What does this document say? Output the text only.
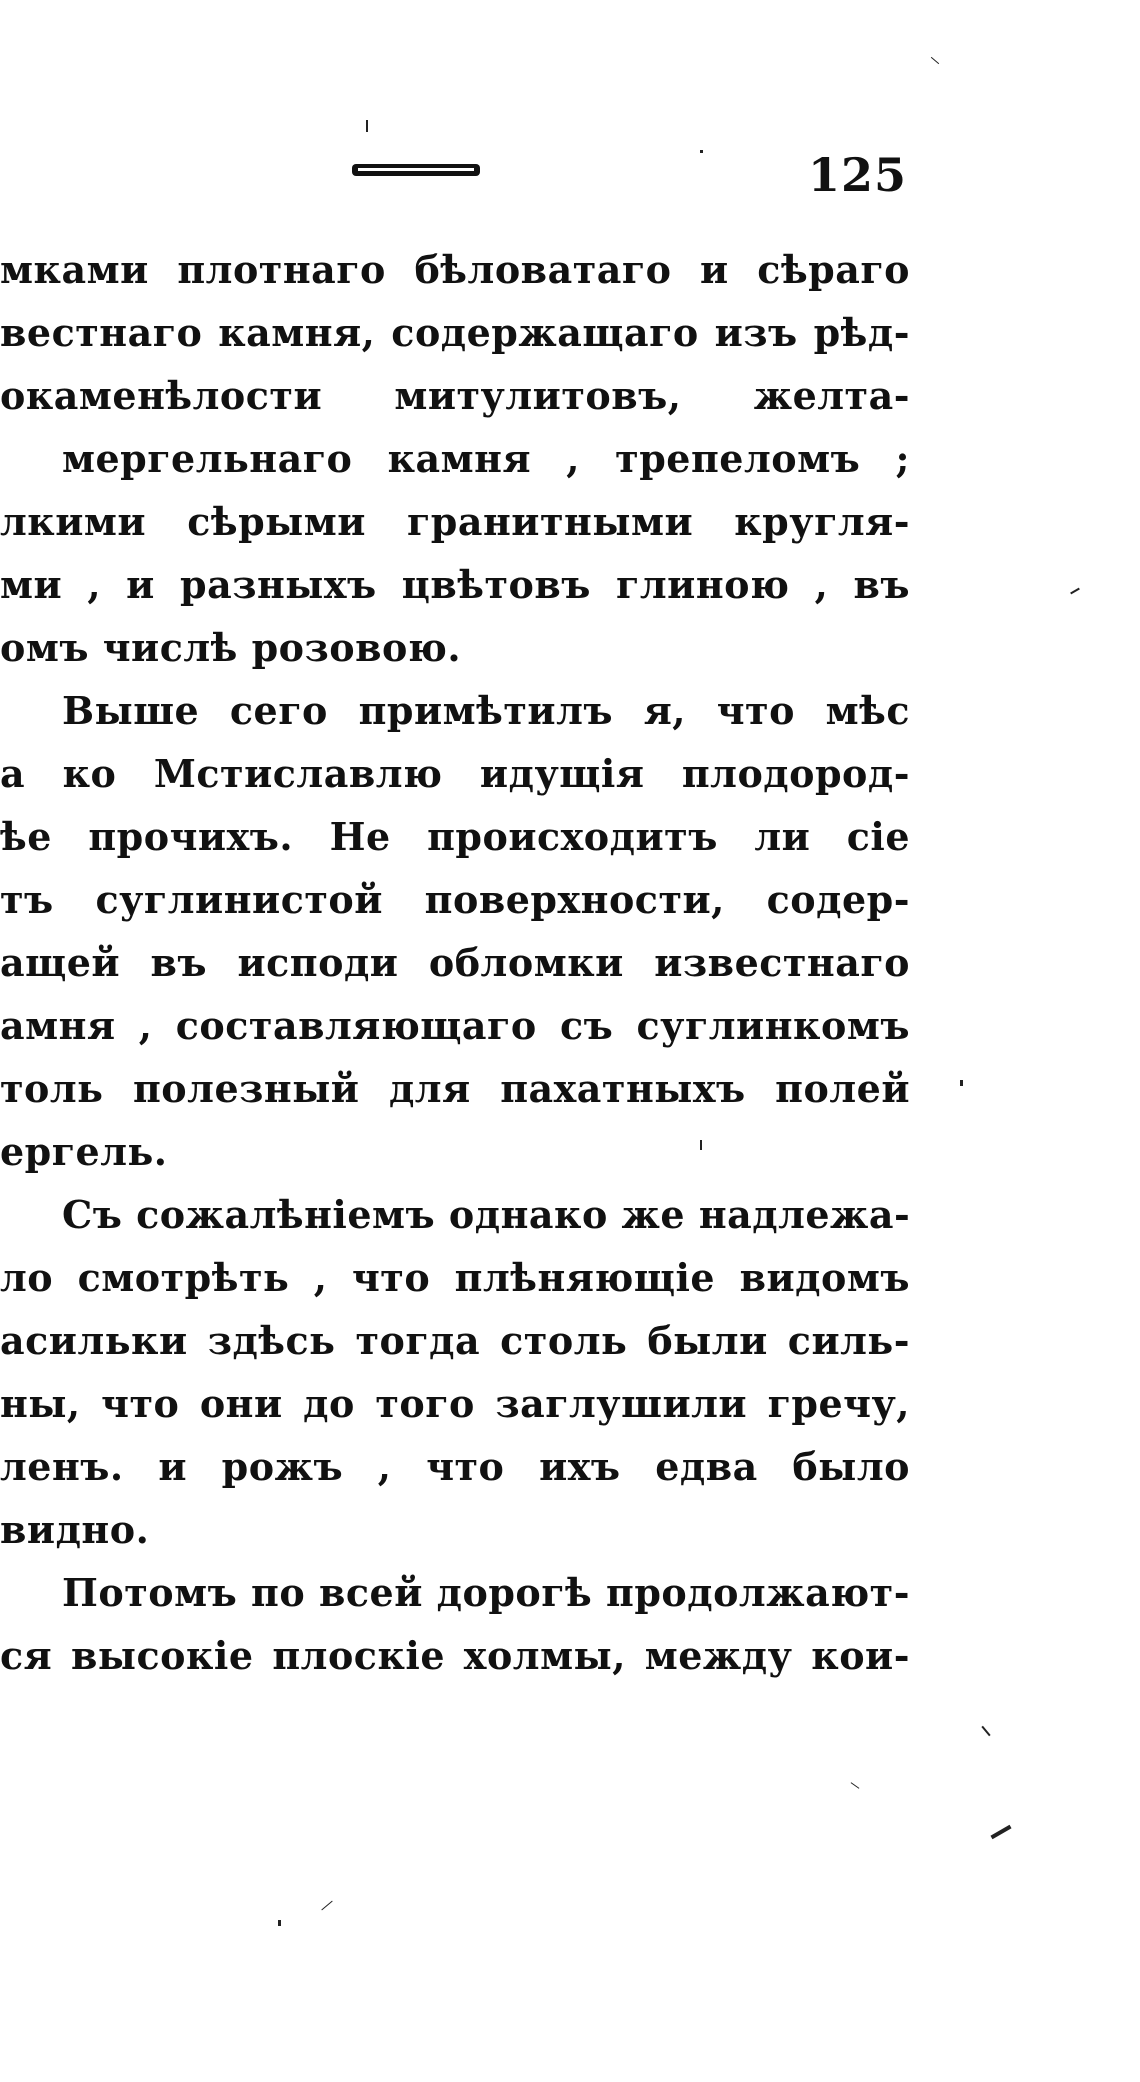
125
мками плотнаго бѣловатаго и сѣраго
вестнаго камня, содержащаго изъ рѣд-
окаменѣлости митулитовъ, желта-
мергельнаго камня , трепеломъ ;
лкими сѣрыми гранитными кругля-
ми , и разныхъ цвѣтовъ глиною , въ
омъ числѣ розовою.
Выше сего примѣтилъ я, что мѣс
а ко Мстиславлю идущія плодород-
ѣе прочихъ. Не происходитъ ли сіе
тъ суглинистой поверхности, содер-
ащей въ исподи обломки известнаго
амня , составляющаго съ суглинкомъ
толь полезный для пахатныхъ полей
ергель.
Съ сожалѣніемъ однако же надлежа-
ло смотрѣть , что плѣняющіе видомъ
асильки здѣсь тогда столь были силь-
ны, что они до того заглушили гречу,
ленъ. и рожъ , что ихъ едва было
видно.
Потомъ по всей дорогѣ продолжают-
ся высокіе плоскіе холмы, между кои-
